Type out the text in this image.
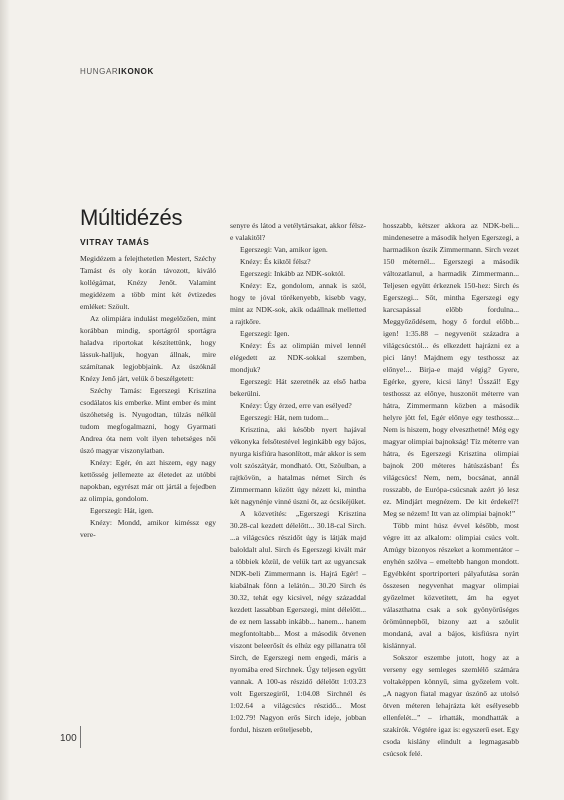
HUNGARIKONOK
Múltidézés
VITRAY TAMÁS

Megidézem a felejthetetlen Mestert, Széchy Tamást és oly korán távozott, kiváló kollégámat, Knézy Jenőt. Valamint megidézem a több mint két évtizedes emléket: Szöult.

Az olimpiára indulást megelőzően, mint korábban mindig, sportágról sportágra haladva riportokat készítettünk, hogy lássuk-halljuk, hogyan állnak, mire számítanak legjobbjaink. Az úszóknál Knézy Jenő járt, velük ő beszélgetett:

Széchy Tamás: Egerszegi Krisztina csodálatos kis emberke. Mint ember és mint úszóhetség is. Nyugodtan, túlzás nélkül tudom megfogalmazni, hogy Gyarmati Andrea óta nem volt ilyen tehetséges női úszó magyar viszonylatban.

Knézy: Egér, én azt hiszem, egy nagy kettősség jellemezte az életedet az utóbbi napokban, egyrészt már ott jártál a fejedben az olimpia, gondolom.

Egerszegi: Hát, igen.

Knézy: Mondd, amikor kiméssz egy vere-

senyre és látod a vetélytársakat, akkor félsz-e valakitől?

Egerszegi: Van, amikor igen.

Knézy: És kiktől félsz?

Egerszegi: Inkább az NDK-soktól.

Knézy: Ez, gondolom, annak is szól, hogy te jóval törékenyebb, kisebb vagy, mint az NDK-sok, akik odaállnak melletted a rajtkőre.

Egerszegi: Igen.

Knézy: És az olimpián mivel lennél elégedett az NDK-sokkal szemben, mondjuk?

Egerszegi: Hát szeretnék az első hatba bekerülni.

Knézy: Úgy érzed, erre van esélyed?

Egerszegi: Hát, nem tudom...

Krisztina, aki később nyert hajával vékonyka felsőtestével leginkább egy bájos, nyurga kisfiúra hasonlított, már akkor is sem volt szószátyár, mondható. Ott, Szöulban, a rajtkövön, a hatalmas német Sirch és Zimmermann között úgy nézett ki, mintha két nagynénje vinné úszni őt, az ócsikéjüket.

A közvetítés: „Egerszegi Krisztina 30.28-cal kezdett délelőtt... 30.18-cal Sirch. ...a világcsúcs részidőt úgy is látják majd baloldalt alul. Sirch és Egerszegi kivált már a többiek közül, de velük tart az ugyancsak NDK-beli Zimmermann is. Hajrá Egér! – kiabálnak fönn a lelátón... 30.20 Sirch és 30.32, tehát egy kicsivel, négy századdal kezdett lassabban Egerszegi, mint délelőtt... de ez nem lassabb inkább... hanem... hanem megfontoltabb... Most a második ötvenen viszont beleerősít és elhúz egy pillanatra től Sirch, de Egerszegi nem engedi, máris a nyomába ered Sirchnek. Úgy teljesen együtt vannak. A 100-as részidő délelőtt 1:03.23 volt Egerszegiről, 1:04.08 Sirchnél és 1:02.64 a világcsúcs részidő... Most 1:02.79! Nagyon erős Sirch ideje, jobban fordul, hiszen erőteljesebb,

hosszabb, kétszer akkora az NDK-beli... mindenesetre a második helyen Egerszegi, a harmadikon úszik Zimmermann. Sirch vezet 150 méternél... Egerszegi a második változatlanul, a harmadik Zimmermann... Teljesen együtt érkeznek 150-hez: Sirch és Egerszegi... Sőt, mintha Egerszegi egy karcsapással előbb fordulna... Meggyőződésem, hogy ő fordul előbb... igen! 1:35.88 – negyvenöt századra a világcsúcstól... és elkezdett hajrázni ez a pici lány! Majdnem egy testhossz az előnye!... Birja-e majd végig? Gyere, Egérke, gyere, kicsi lány! Ússzál! Egy testhossz az előnye, huszonöt méterre van hátra, Zimmermann közben a második helyre jött fel, Egér előnye egy testhossz... Nem is hiszem, hogy elveszthetné! Még egy magyar olimpiai bajnokság! Tíz méterre van hátra, és Egerszegi Krisztina olimpiai bajnok 200 méteres hátúszásban! És világcsúcs! Nem, nem, bocsánat, annál rosszabb, de Európa-csúcsnak azért jó lesz ez. Mindjárt megnézem. De kit érdekel?! Meg se nézem! Itt van az olimpiai bajnok!”

Több mint húsz évvel később, most végre itt az alkalom: olimpiai csúcs volt. Amúgy bizonyos részeket a kommentátor – enyhén szólva – emeltebb hangon mondott. Egyébként sportriporteri pályafutása során összesen negyvenhat magyar olimpiai győzelmet közvetített, ám ha egyet választhatna csak a sok gyönyörűséges örömünnepből, bizony azt a szöulit mondaná, aval a bájos, kisfiúsra nyírt kislánnyal.

Sokszor eszembe jutott, hogy az a verseny egy semleges szemlélő számára voltaképpen könnyű, sima győzelem volt. „A nagyon fiatal magyar úszónő az utolsó ötven méteren lehajrázta két esélyesebb ellenfelét...” – írhatták, mondhatták a szakírók. Végtére igaz is: egyszerű eset. Egy csoda kislány elindult a legmagasabb csúcsok felé.

100
